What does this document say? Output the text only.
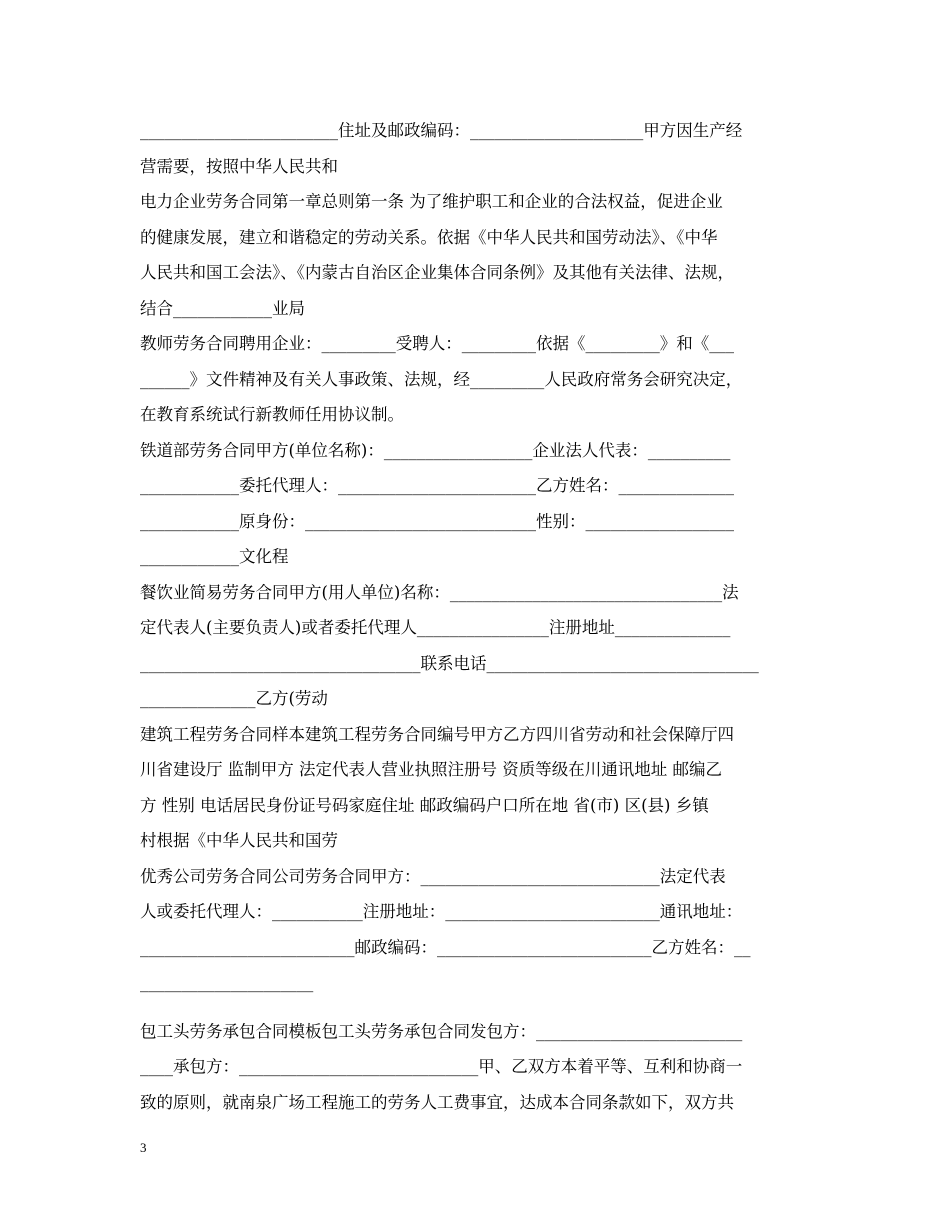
________________________住址及邮政编码：_____________________甲方因生产经
营需要，按照中华人民共和
电力企业劳务合同第一章总则第一条 为了维护职工和企业的合法权益，促进企业
的健康发展，建立和谐稳定的劳动关系。依据《中华人民共和国劳动法》、《中华
人民共和国工会法》、《内蒙古自治区企业集体合同条例》及其他有关法律、法规，
结合____________业局
教师劳务合同聘用企业：_________受聘人：_________依据《_________》和《___
______》文件精神及有关人事政策、法规，经_________人民政府常务会研究决定，
在教育系统试行新教师任用协议制。
铁道部劳务合同甲方(单位名称)：__________________企业法人代表：__________
____________委托代理人：________________________乙方姓名：______________
____________原身份：____________________________性别：__________________
____________文化程
餐饮业简易劳务合同甲方(用人单位)名称：_________________________________法
定代表人(主要负责人)或者委托代理人________________注册地址______________
__________________________________联系电话_________________________________
______________乙方(劳动
建筑工程劳务合同样本建筑工程劳务合同编号甲方乙方四川省劳动和社会保障厅四
川省建设厅 监制甲方 法定代表人营业执照注册号 资质等级在川通讯地址 邮编乙
方 性别 电话居民身份证号码家庭住址 邮政编码户口所在地 省(市) 区(县) 乡镇
村根据《中华人民共和国劳
优秀公司劳务合同公司劳务合同甲方：_____________________________法定代表
人或委托代理人：___________注册地址：__________________________通讯地址：
__________________________邮政编码：__________________________乙方姓名：__
_____________________
包工头劳务承包合同模板包工头劳务承包合同发包方：_________________________
____承包方：_____________________________甲、乙双方本着平等、互利和协商一
致的原则，就南泉广场工程施工的劳务人工费事宜，达成本合同条款如下，双方共
3
